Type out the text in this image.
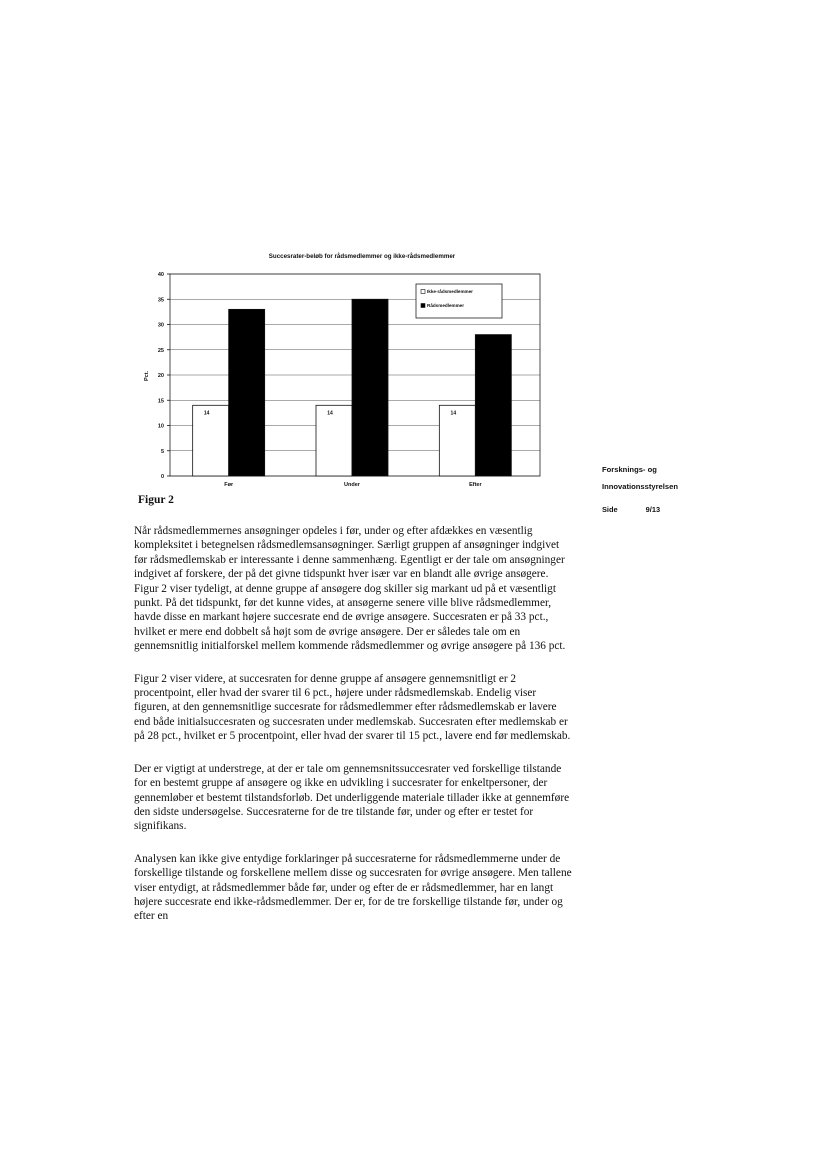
Succesrater-beløb for rådsmedlemmer og ikke-rådsmedlemmer
0
5
10
15
20
25
30
35
40
Pct.
14	14	14
Før	Under	Efter
Ikke-rådsmedlemmer
Rådsmedlemmer
Figur 2
Forsknings- og
Innovationsstyrelsen
Side	9/13

Når rådsmedlemmernes ansøgninger opdeles i før, under og efter afdækkes en væsentlig kompleksitet i betegnelsen rådsmedlemsansøgninger. Særligt gruppen af ansøgninger indgivet før rådsmedlemskab er interessante i denne sammenhæng. Egentligt er der tale om ansøgninger indgivet af forskere, der på det givne tidspunkt hver især var en blandt alle øvrige ansøgere. Figur 2 viser tydeligt, at denne gruppe af ansøgere dog skiller sig markant ud på et væsentligt punkt. På det tidspunkt, før det kunne vides, at ansøgerne senere ville blive rådsmedlemmer, havde disse en markant højere succesrate end de øvrige ansøgere. Succesraten er på 33 pct., hvilket er mere end dobbelt så højt som de øvrige ansøgere. Der er således tale om en gennemsnitlig initialforskel mellem kommende rådsmedlemmer og øvrige ansøgere på 136 pct.

Figur 2 viser videre, at succesraten for denne gruppe af ansøgere gennemsnitligt er 2 procentpoint, eller hvad der svarer til 6 pct., højere under rådsmedlemskab. Endelig viser figuren, at den gennemsnitlige succesrate for rådsmedlemmer efter rådsmedlemskab er lavere end både initialsuccesraten og succesraten under medlemskab. Succesraten efter medlemskab er på 28 pct., hvilket er 5 procentpoint, eller hvad der svarer til 15 pct., lavere end før medlemskab.

Der er vigtigt at understrege, at der er tale om gennemsnitssuccesrater ved forskellige tilstande for en bestemt gruppe af ansøgere og ikke en udvikling i succesrater for enkeltpersoner, der gennemløber et bestemt tilstandsforløb. Det underliggende materiale tillader ikke at gennemføre den sidste undersøgelse. Succesraterne for de tre tilstande før, under og efter er testet for signifikans.

Analysen kan ikke give entydige forklaringer på succesraterne for rådsmedlemmerne under de forskellige tilstande og forskellene mellem disse og succesraten for øvrige ansøgere. Men tallene viser entydigt, at rådsmedlemmer både før, under og efter de er rådsmedlemmer, har en langt højere succesrate end ikke-rådsmedlemmer. Der er, for de tre forskellige tilstande før, under og efter en
